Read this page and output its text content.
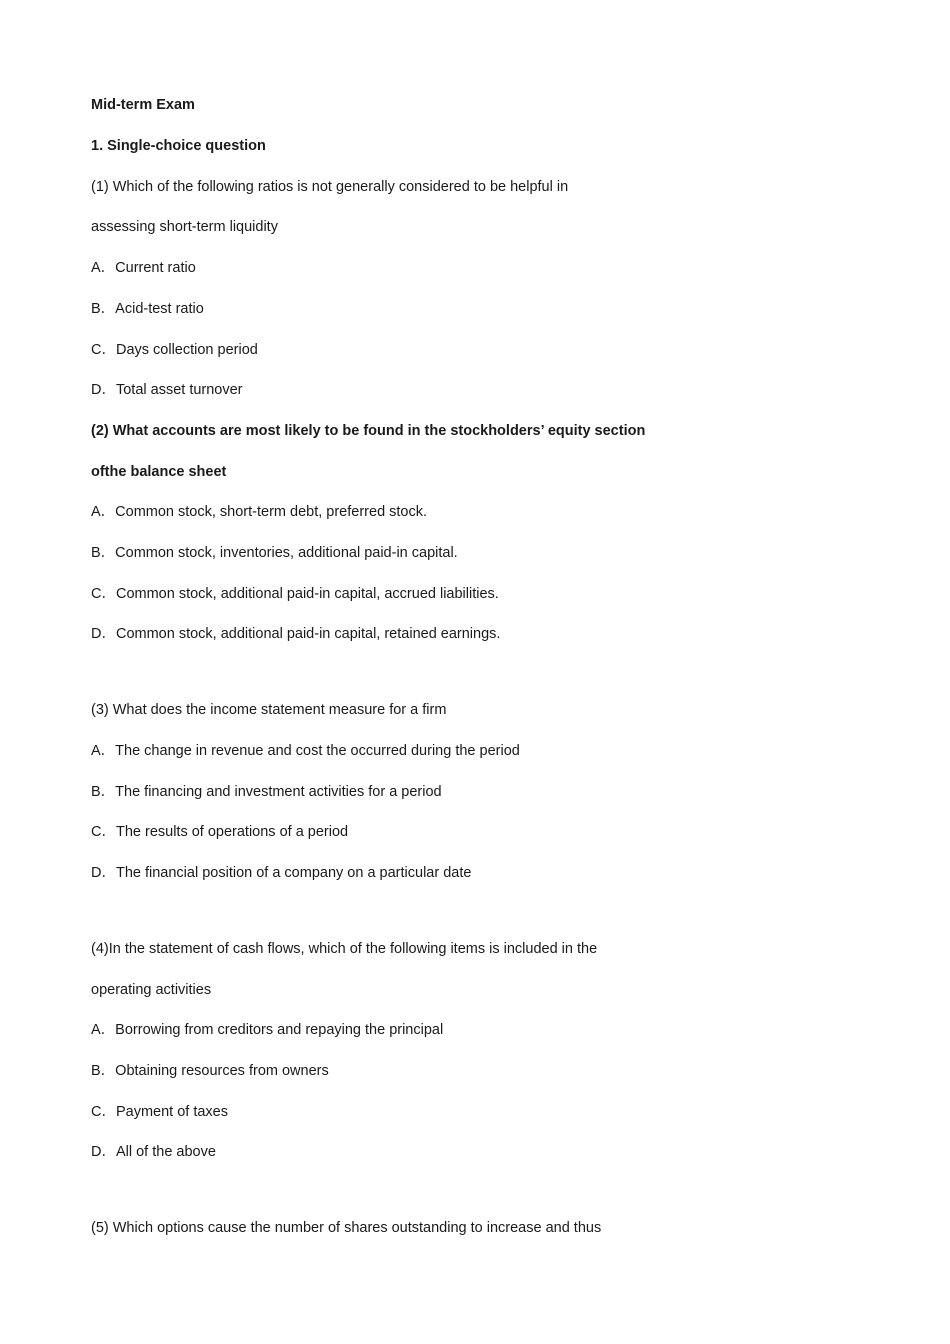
Mid-term Exam
1. Single-choice question
(1) Which of the following ratios is not generally considered to be helpful in
assessing short-term liquidity
A．Current ratio
B．Acid-test ratio
C．Days collection period
D．Total asset turnover
(2) What accounts are most likely to be found in the stockholders’ equity section
ofthe balance sheet
A．Common stock, short-term debt, preferred stock.
B．Common stock, inventories, additional paid-in capital.
C．Common stock, additional paid-in capital, accrued liabilities.
D．Common stock, additional paid-in capital, retained earnings.
(3) What does the income statement measure for a firm
A．The change in revenue and cost the occurred during the period
B．The financing and investment activities for a period
C．The results of operations of a period
D．The financial position of a company on a particular date
(4)In the statement of cash flows, which of the following items is included in the
operating activities
A．Borrowing from creditors and repaying the principal
B．Obtaining resources from owners
C．Payment of taxes
D．All of the above
(5) Which options cause the number of shares outstanding to increase and thus
